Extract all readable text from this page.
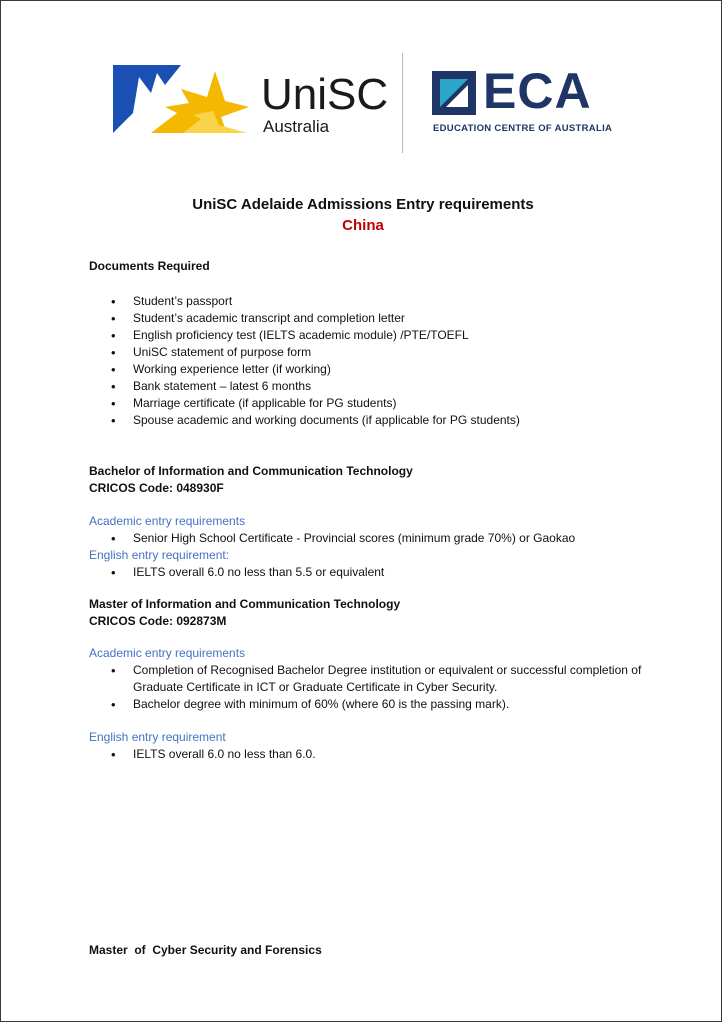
UniSC
Australia
ECA
EDUCATION CENTRE OF AUSTRALIA
UniSC Adelaide Admissions Entry requirements
China
Documents Required
• Student’s passport
• Student’s academic transcript and completion letter
• English proficiency test (IELTS academic module) /PTE/TOEFL
• UniSC statement of purpose form
• Working experience letter (if working)
• Bank statement – latest 6 months
• Marriage certificate (if applicable for PG students)
• Spouse academic and working documents (if applicable for PG students)
Bachelor of Information and Communication Technology
CRICOS Code: 048930F
Academic entry requirements
• Senior High School Certificate - Provincial scores (minimum grade 70%) or Gaokao
English entry requirement:
• IELTS overall 6.0 no less than 5.5 or equivalent
Master of Information and Communication Technology
CRICOS Code: 092873M
Academic entry requirements
• Completion of Recognised Bachelor Degree institution or equivalent or successful completion of Graduate Certificate in ICT or Graduate Certificate in Cyber Security.
• Bachelor degree with minimum of 60% (where 60 is the passing mark).
English entry requirement
• IELTS overall 6.0 no less than 6.0.

Master  of  Cyber Security and Forensics
